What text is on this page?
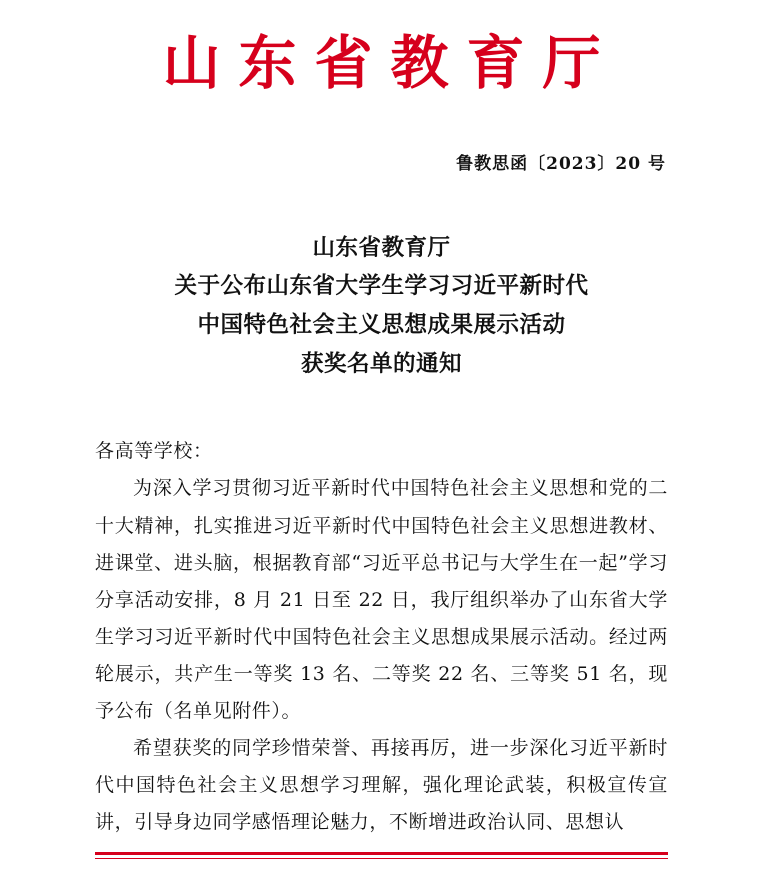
山东省教育厅
鲁教思函〔2023〕20 号
山东省教育厅
关于公布山东省大学生学习习近平新时代
中国特色社会主义思想成果展示活动
获奖名单的通知
各高等学校：

为深入学习贯彻习近平新时代中国特色社会主义思想和党的二十大精神，扎实推进习近平新时代中国特色社会主义思想进教材、进课堂、进头脑，根据教育部“习近平总书记与大学生在一起”学习分享活动安排，8 月 21 日至 22 日，我厅组织举办了山东省大学生学习习近平新时代中国特色社会主义思想成果展示活动。经过两轮展示，共产生一等奖 13 名、二等奖 22 名、三等奖 51 名，现予公布（名单见附件）。

希望获奖的同学珍惜荣誉、再接再厉，进一步深化习近平新时代中国特色社会主义思想学习理解，强化理论武装，积极宣传宣讲，引导身边同学感悟理论魅力，不断增进政治认同、思想认
